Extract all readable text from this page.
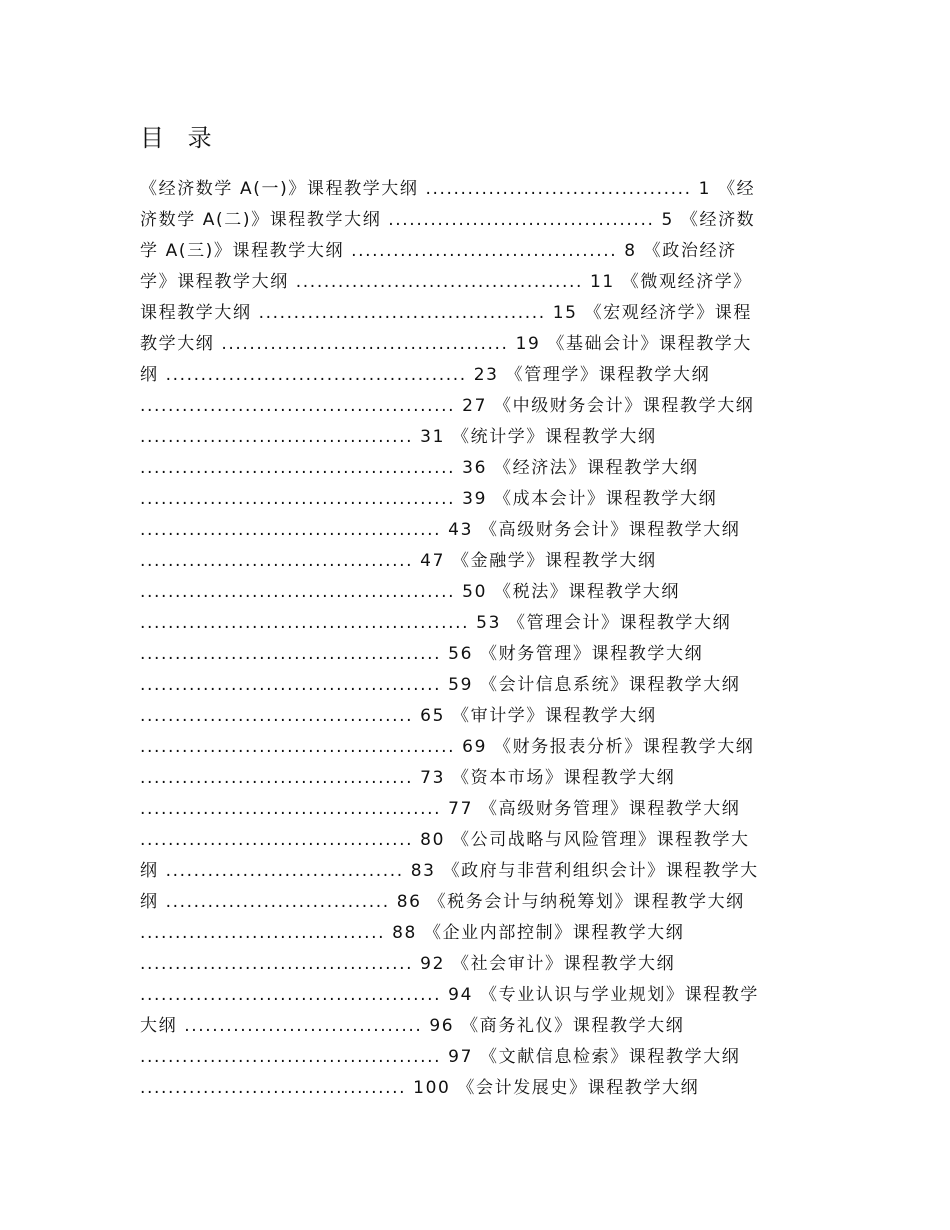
目 录
《经济数学 A(一)》课程教学大纲 ...................................... 1 《经
济数学 A(二)》课程教学大纲 ...................................... 5 《经济数
学 A(三)》课程教学大纲 ...................................... 8 《政治经济
学》课程教学大纲 ......................................... 11 《微观经济学》
课程教学大纲 ......................................... 15 《宏观经济学》课程
教学大纲 ......................................... 19 《基础会计》课程教学大
纲 ........................................... 23 《管理学》课程教学大纲
............................................. 27 《中级财务会计》课程教学大纲
....................................... 31 《统计学》课程教学大纲
............................................. 36 《经济法》课程教学大纲
............................................. 39 《成本会计》课程教学大纲
........................................... 43 《高级财务会计》课程教学大纲
....................................... 47 《金融学》课程教学大纲
............................................. 50 《税法》课程教学大纲
............................................... 53 《管理会计》课程教学大纲
........................................... 56 《财务管理》课程教学大纲
........................................... 59 《会计信息系统》课程教学大纲
....................................... 65 《审计学》课程教学大纲
............................................. 69 《财务报表分析》课程教学大纲
....................................... 73 《资本市场》课程教学大纲
........................................... 77 《高级财务管理》课程教学大纲
....................................... 80 《公司战略与风险管理》课程教学大
纲 .................................. 83 《政府与非营利组织会计》课程教学大
纲 ................................ 86 《税务会计与纳税筹划》课程教学大纲
................................... 88 《企业内部控制》课程教学大纲
....................................... 92 《社会审计》课程教学大纲
........................................... 94 《专业认识与学业规划》课程教学
大纲 .................................. 96 《商务礼仪》课程教学大纲
........................................... 97 《文献信息检索》课程教学大纲
...................................... 100 《会计发展史》课程教学大纲
